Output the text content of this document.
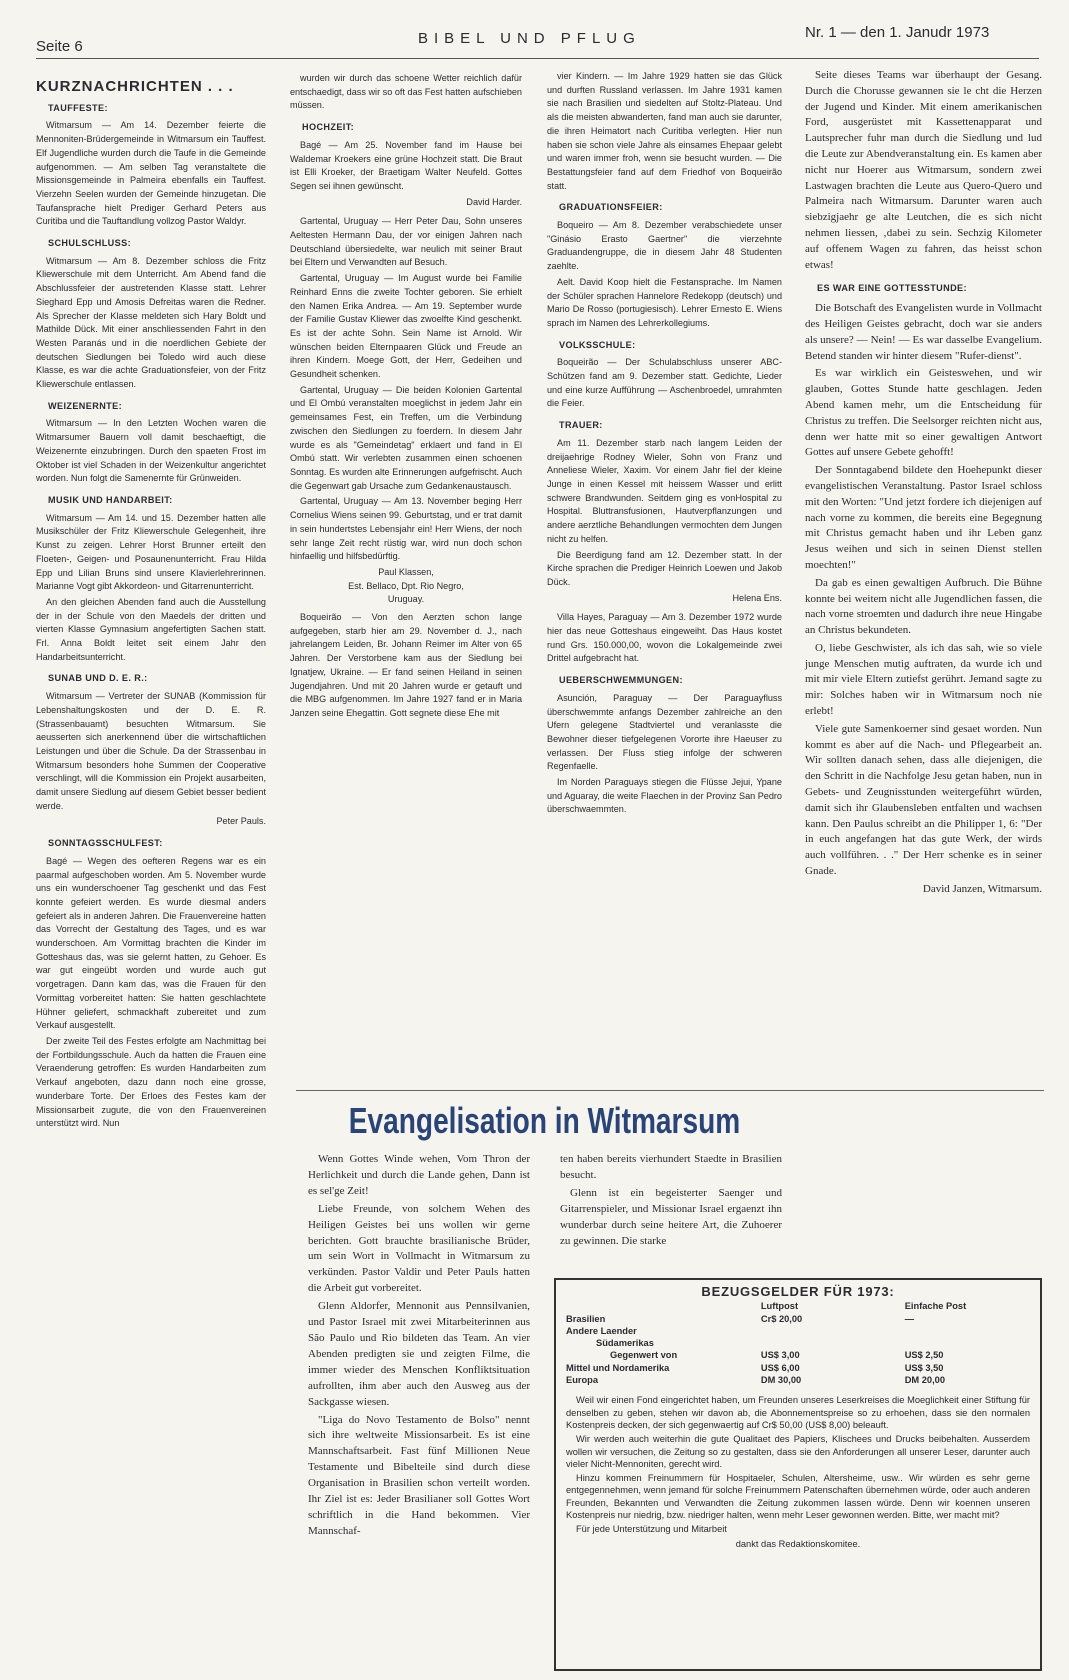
Seite 6	BIBEL UND PFLUG	Nr. 1 — den 1. Janudr 1973
KURZNACHRICHTEN . . .
TAUFFESTE:

Witmarsum — Am 14. Dezember feierte die Mennoniten-Brüdergemeinde in Witmarsum ein Tauffest. Elf Jugendliche wurden durch die Taufe in die Gemeinde aufgenommen. — Am selben Tag veranstaltete die Missionsgemeinde in Palmeira ebenfalls ein Tauffest. Vierzehn Seelen wurden der Gemeinde hinzugetan. Die Taufansprache hielt Prediger Gerhard Peters aus Curitiba und die Tauftandlung vollzog Pastor Waldyr.

SCHULSCHLUSS:

Witmarsum — Am 8. Dezember schloss die Fritz Kliewerschule mit dem Unterricht. Am Abend fand die Abschlussfeier der austretenden Klasse statt. Lehrer Sieghard Epp und Amosis Defreitas waren die Redner. Als Sprecher der Klasse meldeten sich Hary Boldt und Mathilde Dück. Mit einer anschliessenden Fahrt in den Westen Paranás und in die noerdlichen Gebiete der deutschen Siedlungen bei Toledo wird auch diese Klasse, es war die achte Graduationsfeier, von der Fritz Kliewerschule entlassen.

WEIZENERNTE:

Witmarsum — In den Letzten Wochen waren die Witmarsumer Bauern voll damit beschaeftigt, die Weizenernte einzubringen. Durch den spaeten Frost im Oktober ist viel Schaden in der Weizenkultur angerichtet worden. Nun folgt die Samenernte für Grünweiden.

MUSIK UND HANDARBEIT:

Witmarsum — Am 14. und 15. Dezember hatten alle Musikschüler der Fritz Kliewerschule Gelegenheit, ihre Kunst zu zeigen. Lehrer Horst Brunner erteilt den Floeten-, Geigen- und Posaunenunterricht. Frau Hilda Epp und Lilian Bruns sind unsere Klavierlehrerinnen. Marianne Vogt gibt Akkordeon- und Gitarrenunterricht.

An den gleichen Abenden fand auch die Ausstellung der in der Schule von den Maedels der dritten und vierten Klasse Gymnasium angefertigten Sachen statt. Frl. Anna Boldt leitet seit einem Jahr den Handarbeitsunterricht.

SUNAB UND D. E. R.:

Witmarsum — Vertreter der SUNAB (Kommission für Lebenshaltungskosten und der D. E. R. (Strassenbauamt) besuchten Witmarsum. Sie aeusserten sich anerkennend über die wirtschaftlichen Leistungen und über die Schule. Da der Strassenbau in Witmarsum besonders hohe Summen der Cooperative verschlingt, will die Kommission ein Projekt ausarbeiten, damit unsere Siedlung auf diesem Gebiet besser bedient werde.

Peter Pauls.

SONNTAGSSCHULFEST:

Bagé — Wegen des oefteren Regens war es ein paarmal aufgeschoben worden. Am 5. November wurde uns ein wunderschoener Tag geschenkt und das Fest konnte gefeiert werden. Es wurde diesmal anders gefeiert als in anderen Jahren. Die Frauenvereine hatten das Vorrecht der Gestaltung des Tages, und es war wunderschoen. Am Vormittag brachten die Kinder im Gotteshaus das, was sie gelernt hatten, zu Gehoer. Es war gut eingeübt worden und wurde auch gut vorgetragen. Dann kam das, was die Frauen für den Vormittag vorbereitet hatten: Sie hatten geschlachtete Hühner geliefert, schmackhaft zubereitet und zum Verkauf ausgestellt.

Der zweite Teil des Festes erfolgte am Nachmittag bei der Fortbildungsschule. Auch da hatten die Frauen eine Veraenderung getroffen: Es wurden Handarbeiten zum Verkauf angeboten, dazu dann noch eine grosse, wunderbare Torte. Der Erloes des Festes kam der Missionsarbeit zugute, die von den Frauenvereinen unterstützt wird. Nun

wurden wir durch das schoene Wetter reichlich dafür entschaedigt, dass wir so oft das Fest hatten aufschieben müssen.

HOCHZEIT:

Bagé — Am 25. November fand im Hause bei Waldemar Kroekers eine grüne Hochzeit statt. Die Braut ist Elli Kroeker, der Braetigam Walter Neufeld. Gottes Segen sei ihnen gewünscht.

David Harder.

Gartental, Uruguay — Herr Peter Dau, Sohn unseres Aeltesten Hermann Dau, der vor einigen Jahren nach Deutschland übersiedelte, war neulich mit seiner Braut bei Eltern und Verwandten auf Besuch.

Gartental, Uruguay — Im August wurde bei Familie Reinhard Enns die zweite Tochter geboren. Sie erhielt den Namen Erika Andrea. — Am 19. September wurde der Familie Gustav Kliewer das zwoelfte Kind geschenkt. Es ist der achte Sohn. Sein Name ist Arnold. Wir wünschen beiden Elternpaaren Glück und Freude an ihren Kindern. Moege Gott, der Herr, Gedeihen und Gesundheit schenken.

Gartental, Uruguay — Die beiden Kolonien Gartental und El Ombú veranstalten moeglichst in jedem Jahr ein gemeinsames Fest, ein Treffen, um die Verbindung zwischen den Siedlungen zu foerdern. In diesem Jahr wurde es als "Gemeindetag" erklaert und fand in El Ombú statt. Wir verlebten zusammen einen schoenen Sonntag. Es wurden alte Erinnerungen aufgefrischt. Auch die Gegenwart gab Ursache zum Gedankenaustausch.

Gartental, Uruguay — Am 13. November beging Herr Cornelius Wiens seinen 99. Geburtstag, und er trat damit in sein hundertstes Lebensjahr ein! Herr Wiens, der noch sehr lange Zeit recht rüstig war, wird nun doch schon hinfaellig und hilfsbedürftig.

Paul Klassen,

Est. Bellaco, Dpt. Rio Negro,

Uruguay.

Boqueirão — Von den Aerzten schon lange aufgegeben, starb hier am 29. November d. J., nach jahrelangem Leiden, Br. Johann Reimer im Alter von 65 Jahren. Der Verstorbene kam aus der Siedlung bei Ignatjew, Ukraine. — Er fand seinen Heiland in seinen Jugendjahren. Und mit 20 Jahren wurde er getauft und die MBG aufgenommen. Im Jahre 1927 fand er in Maria Janzen seine Ehegattin. Gott segnete diese Ehe mit

vier Kindern. — Im Jahre 1929 hatten sie das Glück und durften Russland verlassen. Im Jahre 1931 kamen sie nach Brasilien und siedelten auf Stoltz-Plateau. Und als die meisten abwanderten, fand man auch sie darunter, die ihren Heimatort nach Curitiba verlegten. Hier nun haben sie schon viele Jahre als einsames Ehepaar gelebt und waren immer froh, wenn sie besucht wurden. — Die Bestattungsfeier fand auf dem Friedhof von Boqueirão statt.

GRADUATIONSFEIER:

Boqueiro — Am 8. Dezember verabschiedete unser "Ginásio Erasto Gaertner" die vierzehnte Graduandengruppe, die in diesem Jahr 48 Studenten zaehlte.

Aelt. David Koop hielt die Festansprache. Im Namen der Schüler sprachen Hannelore Redekopp (deutsch) und Mario De Rosso (portugiesisch). Lehrer Ernesto E. Wiens sprach im Namen des Lehrerkollegiums.

VOLKSSCHULE:

Boqueirão — Der Schulabschluss unserer ABC-Schützen fand am 9. Dezember statt. Gedichte, Lieder und eine kurze Aufführung — Aschenbroedel, umrahmten die Feier.

TRAUER:

Am 11. Dezember starb nach langem Leiden der dreijaehrige Rodney Wieler, Sohn von Franz und Anneliese Wieler, Xaxim. Vor einem Jahr fiel der kleine Junge in einen Kessel mit heissem Wasser und erlitt schwere Brandwunden. Seitdem ging es vonHospital zu Hospital. Bluttransfusionen, Hautverpflanzungen und andere aerztliche Behandlungen vermochten dem Jungen nicht zu helfen.

Die Beerdigung fand am 12. Dezember statt. In der Kirche sprachen die Prediger Heinrich Loewen und Jakob Dück.

Helena Ens.

Villa Hayes, Paraguay — Am 3. Dezember 1972 wurde hier das neue Gotteshaus eingeweiht. Das Haus kostet rund Grs. 150.000,00, wovon die Lokalgemeinde zwei Drittel aufgebracht hat.

UEBERSCHWEMMUNGEN:

Asunción, Paraguay — Der Paraguayfluss überschwemmte anfangs Dezember zahlreiche an den Ufern gelegene Stadtviertel und veranlasste die Bewohner dieser tiefgelegenen Vororte ihre Haeuser zu verlassen. Der Fluss stieg infolge der schweren Regenfaelle.

Im Norden Paraguays stiegen die Flüsse Jejui, Ypane und Aguaray, die weite Flaechen in der Provinz San Pedro überschwaemmten.

Seite dieses Teams war überhaupt der Gesang. Durch die Chorusse gewannen sie le cht die Herzen der Jugend und Kinder. Mit einem amerikanischen Ford, ausgerüstet mit Kassettenapparat und Lautsprecher fuhr man durch die Siedlung und lud die Leute zur Abendveranstaltung ein. Es kamen aber nicht nur Hoerer aus Witmarsum, sondern zwei Lastwagen brachten die Leute aus Quero-Quero und Palmeira nach Witmarsum. Darunter waren auch siebzigjaehr ge alte Leutchen, die es sich nicht nehmen liessen, ‚dabei zu sein. Sechzig Kilometer auf offenem Wagen zu fahren, das heisst schon etwas!

ES WAR EINE GOTTESSTUNDE:

Die Botschaft des Evangelisten wurde in Vollmacht des Heiligen Geistes gebracht, doch war sie anders als unsere? — Nein! — Es war dasselbe Evangelium. Betend standen wir hinter diesem "Rufer-dienst".

Es war wirklich ein Geisteswehen, und wir glauben, Gottes Stunde hatte geschlagen. Jeden Abend kamen mehr, um die Entscheidung für Christus zu treffen. Die Seelsorger reichten nicht aus, denn wer hatte mit so einer gewaltigen Antwort Gottes auf unsere Gebete gehofft!

Der Sonntagabend bildete den Hoehepunkt dieser evangelistischen Veranstaltung. Pastor Israel schloss mit den Worten: "Und jetzt fordere ich diejenigen auf nach vorne zu kommen, die bereits eine Begegnung mit Christus gemacht haben und ihr Leben ganz Jesus weihen und sich in seinen Dienst stellen moechten!"

Da gab es einen gewaltigen Aufbruch. Die Bühne konnte bei weitem nicht alle Jugendlichen fassen, die nach vorne stroemten und dadurch ihre neue Hingabe an Christus bekundeten.

O, liebe Geschwister, als ich das sah, wie so viele junge Menschen mutig auftraten, da wurde ich und mit mir viele Eltern zutiefst gerührt. Jemand sagte zu mir: Solches haben wir in Witmarsum noch nie erlebt!

Viele gute Samenkoerner sind gesaet worden. Nun kommt es aber auf die Nach- und Pflegearbeit an. Wir sollten danach sehen, dass alle diejenigen, die den Schritt in die Nachfolge Jesu getan haben, nun in Gebets- und Zeugnisstunden weitergeführt würden, damit sich ihr Glaubensleben entfalten und wachsen kann. Den Paulus schreibt an die Philipper 1, 6: "Der in euch angefangen hat das gute Werk, der wirds auch vollführen. . ." Der Herr schenke es in seiner Gnade.

David Janzen, Witmarsum.

Evangelisation in Witmarsum

Wenn Gottes Winde wehen, Vom Thron der Herlichkeit und durch die Lande gehen, Dann ist es sel'ge Zeit!

Liebe Freunde, von solchem Wehen des Heiligen Geistes bei uns wollen wir gerne berichten. Gott brauchte brasilianische Brüder, um sein Wort in Vollmacht in Witmarsum zu verkünden. Pastor Valdir und Peter Pauls hatten die Arbeit gut vorbereitet.

Glenn Aldorfer, Mennonit aus Pennsilvanien, und Pastor Israel mit zwei Mitarbeiterinnen aus São Paulo und Rio bildeten das Team. An vier Abenden predigten sie und zeigten Filme, die immer wieder des Menschen Konfliktsituation aufrollten, ihm aber auch den Ausweg aus der Sackgasse wiesen.

"Liga do Novo Testamento de Bolso" nennt sich ihre weltweite Missionsarbeit. Es ist eine Mannschaftsarbeit. Fast fünf Millionen Neue Testamente und Bibelteile sind durch diese Organisation in Brasilien schon verteilt worden. Ihr Ziel ist es: Jeder Brasilianer soll Gottes Wort schriftlich in die Hand bekommen. Vier Mannschaf-

ten haben bereits vierhundert Staedte in Brasilien besucht.

Glenn ist ein begeisterter Saenger und Gitarrenspieler, und Missionar Israel ergaenzt ihn wunderbar durch seine heitere Art, die Zuhoerer zu gewinnen. Die starke

BEZUGSGELDER FÜR 1973:
	Luftpost	Einfache Post
Brasilien	Cr$ 20,00	—
Andere Laender		
Südamerikas		
Gegenwert von	US$ 3,00	US$ 2,50
Mittel und Nordamerika	US$ 6,00	US$ 3,50
Europa	DM 30,00	DM 20,00

Weil wir einen Fond eingerichtet haben, um Freunden unseres Leserkreises die Moeglichkeit einer Stiftung für denselben zu geben, stehen wir davon ab, die Abonnementspreise so zu erhoehen, dass sie den normalen Kostenpreis decken, der sich gegenwaertig auf Cr$ 50,00 (US$ 8,00) beleauft.

Wir werden auch weiterhin die gute Qualitaet des Papiers, Klischees und Drucks beibehalten. Ausserdem wollen wir versuchen, die Zeitung so zu gestalten, dass sie den Anforderungen all unserer Leser, darunter auch vieler Nicht-Mennoniten, gerecht wird.

Hinzu kommen Freinummern für Hospitaeler, Schulen, Altersheime, usw.. Wir würden es sehr gerne entgegennehmen, wenn jemand für solche Freinummern Patenschaften übernehmen würde, oder auch anderen Freunden, Bekannten und Verwandten die Zeitung zukommen lassen würde. Denn wir koennen unseren Kostenpreis nur niedrig, bzw. niedriger halten, wenn mehr Leser gewonnen werden. Bitte, wer macht mit?

Für jede Unterstützung und Mitarbeit

dankt das Redaktionskomitee.
